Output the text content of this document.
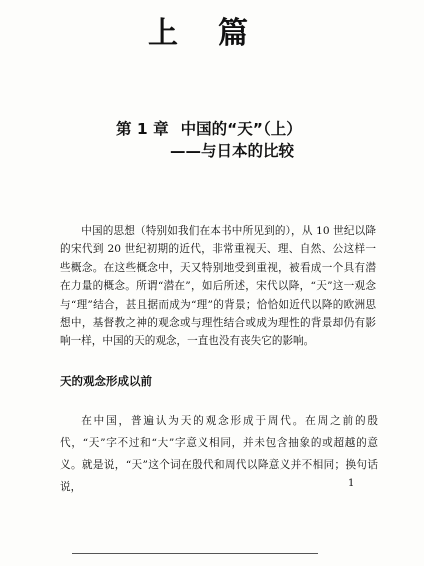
上篇
第 1 章 中国的“天”（上）
——与日本的比较

中国的思想（特别如我们在本书中所见到的），从 10 世纪以降的宋代到 20 世纪初期的近代，非常重视天、理、自然、公这样一些概念。在这些概念中，天又特别地受到重视，被看成一个具有潜在力量的概念。所谓“潜在”，如后所述，宋代以降，“天”这一观念与“理”结合，甚且据而成为“理”的背景；恰恰如近代以降的欧洲思想中，基督教之神的观念或与理性结合或成为理性的背景却仍有影响一样，中国的天的观念，一直也没有丧失它的影响。

天的观念形成以前

在中国，普遍认为天的观念形成于周代。在周之前的殷代，“天”字不过和“大”字意义相同，并未包含抽象的或超越的意义。就是说，“天”这个词在殷代和周代以降意义并不相同；换句话说，	1
